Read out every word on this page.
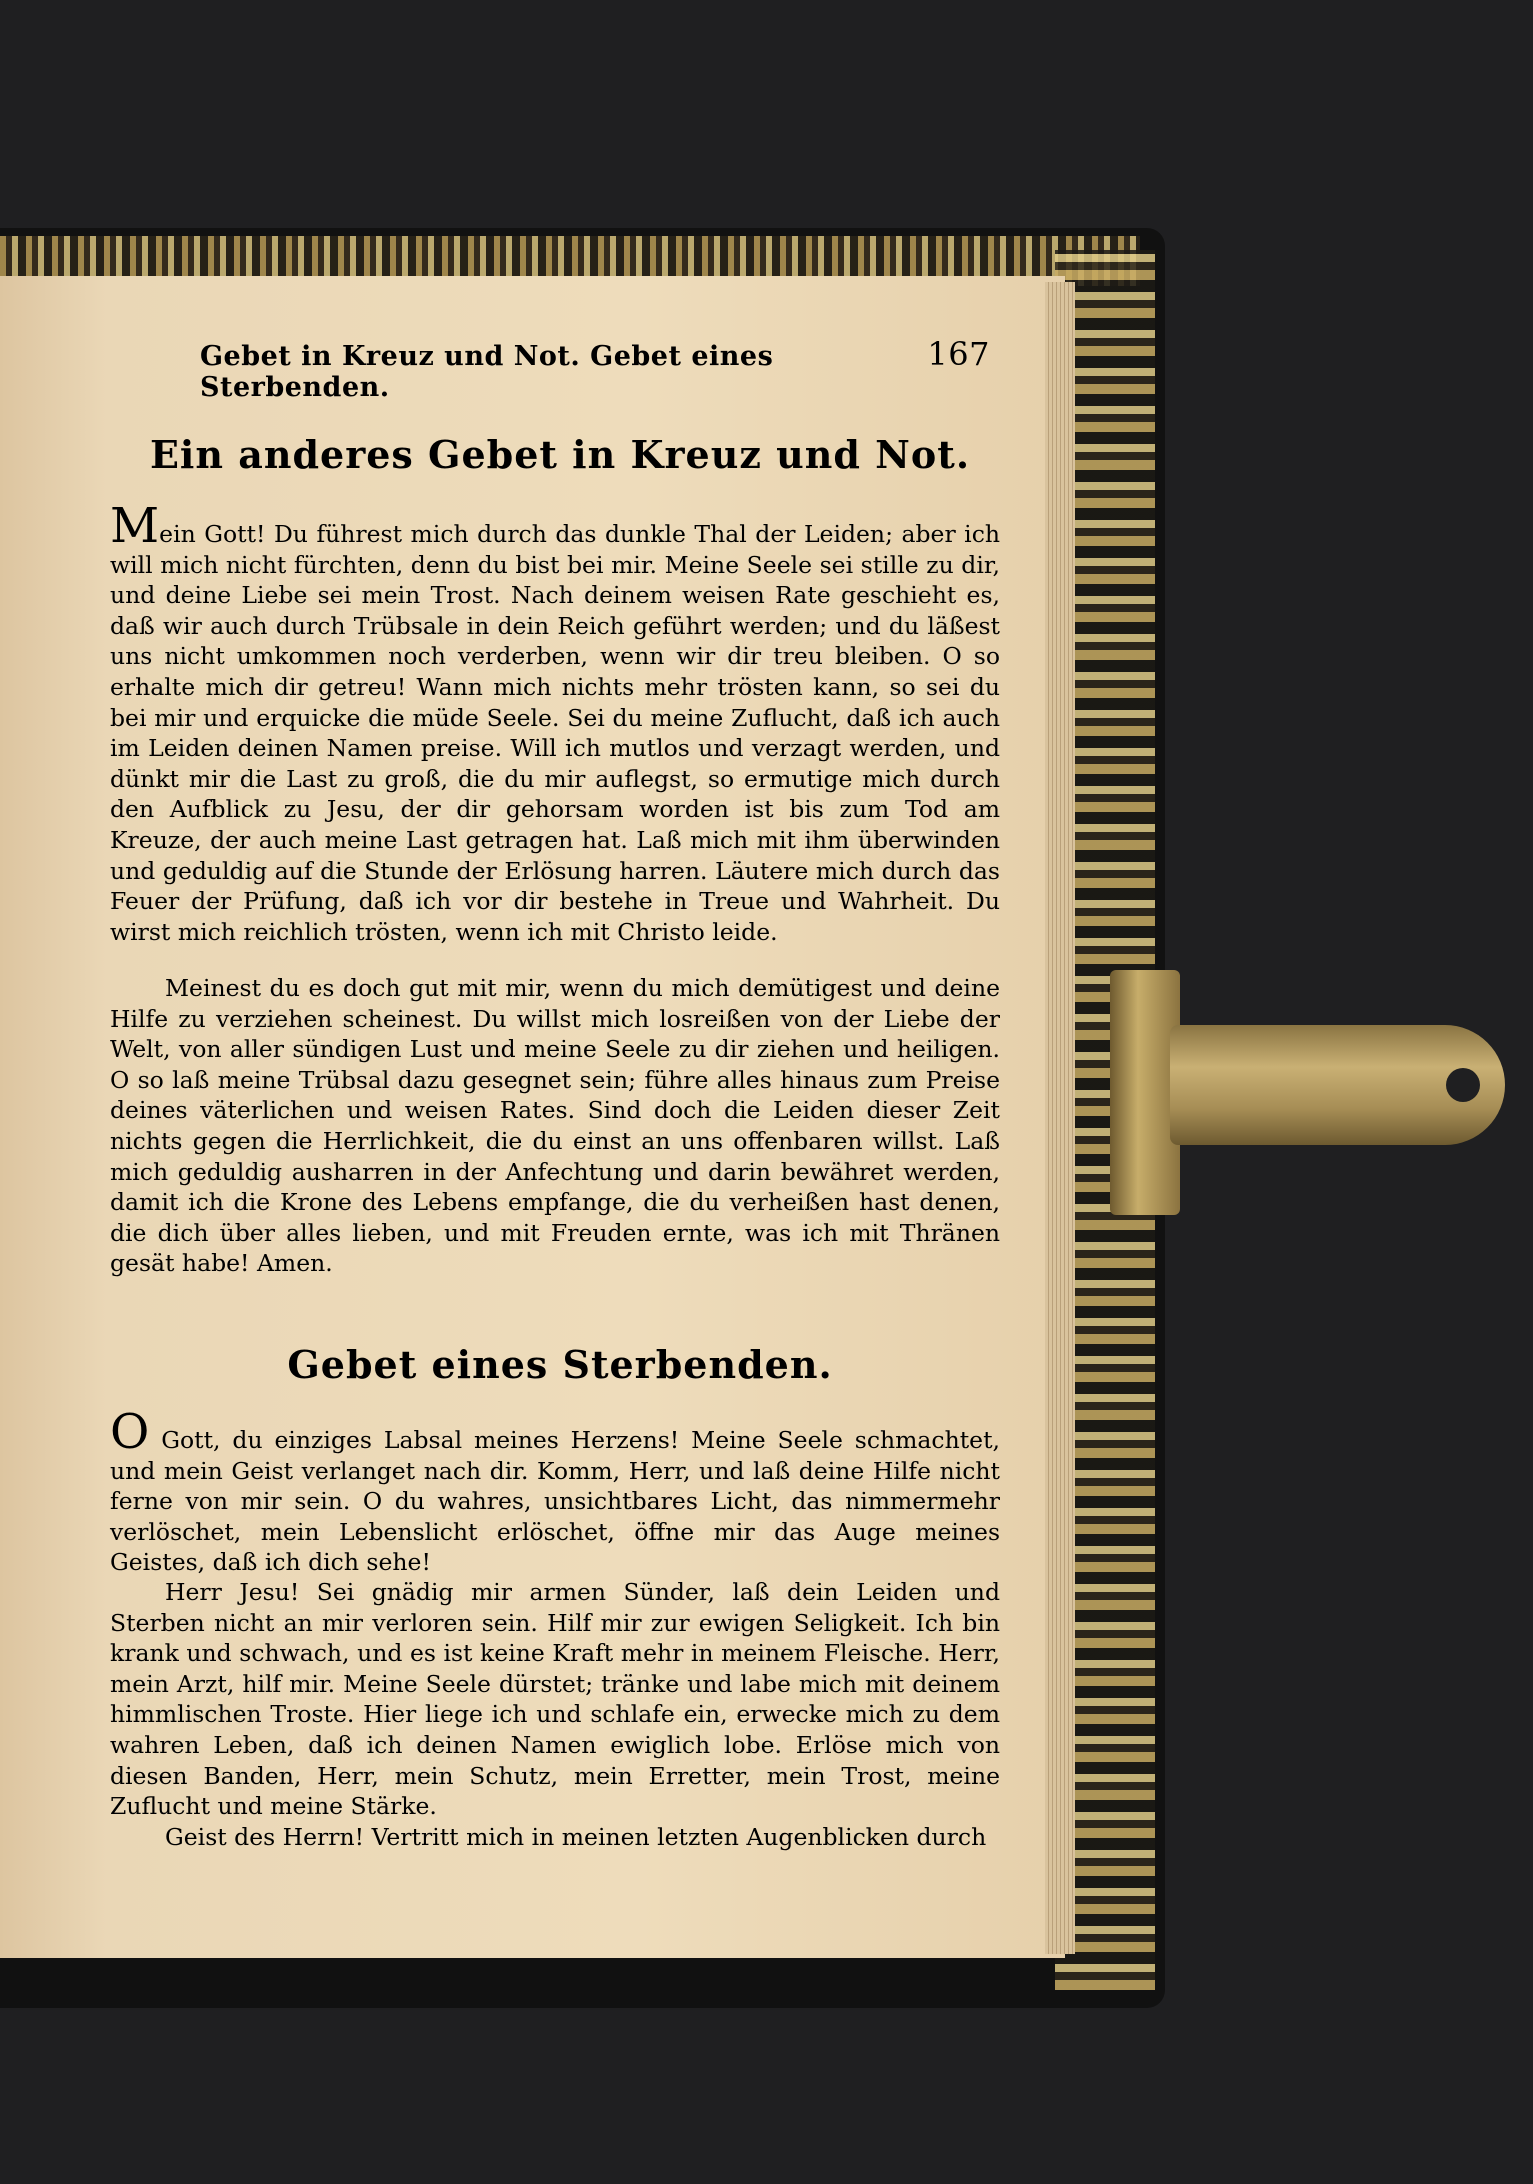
Gebet in Kreuz und Not. Gebet eines Sterbenden.
167
Ein anderes Gebet in Kreuz und Not.
Mein Gott! Du führest mich durch das dunkle Thal der Leiden; aber ich will mich nicht fürchten, denn du bist bei mir. Meine Seele sei stille zu dir, und deine Liebe sei mein Trost. Nach deinem weisen Rate geschieht es, daß wir auch durch Trübsale in dein Reich geführt werden; und du läßest uns nicht umkommen noch verderben, wenn wir dir treu bleiben. O so erhalte mich dir getreu! Wann mich nichts mehr trösten kann, so sei du bei mir und erquicke die müde Seele. Sei du meine Zuflucht, daß ich auch im Leiden deinen Namen preise. Will ich mutlos und verzagt werden, und dünkt mir die Last zu groß, die du mir auflegst, so ermutige mich durch den Aufblick zu Jesu, der dir gehorsam worden ist bis zum Tod am Kreuze, der auch meine Last getragen hat. Laß mich mit ihm überwinden und geduldig auf die Stunde der Erlösung harren. Läutere mich durch das Feuer der Prüfung, daß ich vor dir bestehe in Treue und Wahrheit. Du wirst mich reichlich trösten, wenn ich mit Christo leide.
Meinest du es doch gut mit mir, wenn du mich demütigest und deine Hilfe zu verziehen scheinest. Du willst mich losreißen von der Liebe der Welt, von aller sündigen Lust und meine Seele zu dir ziehen und heiligen. O so laß meine Trübsal dazu gesegnet sein; führe alles hinaus zum Preise deines väterlichen und weisen Rates. Sind doch die Leiden dieser Zeit nichts gegen die Herrlichkeit, die du einst an uns offenbaren willst. Laß mich geduldig ausharren in der Anfechtung und darin bewähret werden, damit ich die Krone des Lebens empfange, die du verheißen hast denen, die dich über alles lieben, und mit Freuden ernte, was ich mit Thränen gesät habe! Amen.
Gebet eines Sterbenden.
O Gott, du einziges Labsal meines Herzens! Meine Seele schmachtet, und mein Geist verlanget nach dir. Komm, Herr, und laß deine Hilfe nicht ferne von mir sein. O du wahres, unsichtbares Licht, das nimmermehr verlöschet, mein Lebenslicht erlöschet, öffne mir das Auge meines Geistes, daß ich dich sehe!
Herr Jesu! Sei gnädig mir armen Sünder, laß dein Leiden und Sterben nicht an mir verloren sein. Hilf mir zur ewigen Seligkeit. Ich bin krank und schwach, und es ist keine Kraft mehr in meinem Fleische. Herr, mein Arzt, hilf mir. Meine Seele dürstet; tränke und labe mich mit deinem himmlischen Troste. Hier liege ich und schlafe ein, erwecke mich zu dem wahren Leben, daß ich deinen Namen ewiglich lobe. Erlöse mich von diesen Banden, Herr, mein Schutz, mein Erretter, mein Trost, meine Zuflucht und meine Stärke.
Geist des Herrn! Vertritt mich in meinen letzten Augenblicken durch
